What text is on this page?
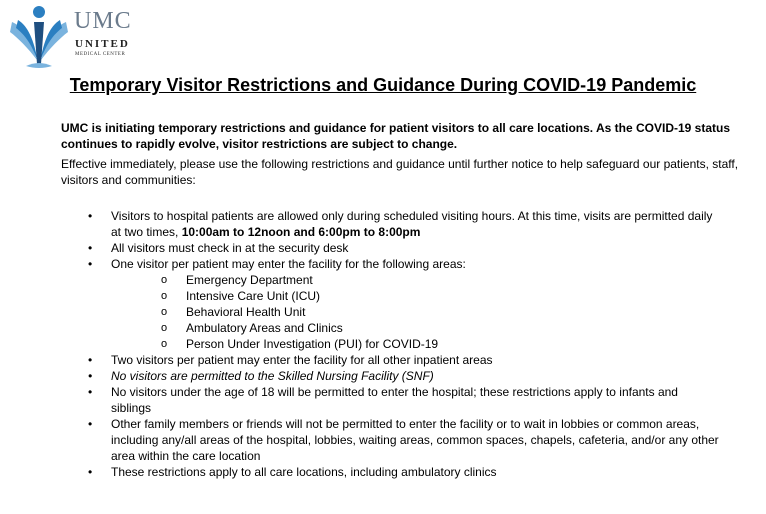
UMC
UNITED
MEDICAL CENTER
Temporary Visitor Restrictions and Guidance During COVID-19 Pandemic
UMC is initiating temporary restrictions and guidance for patient visitors to all care locations. As the COVID-19 status continues to rapidly evolve, visitor restrictions are subject to change.
Effective immediately, please use the following restrictions and guidance until further notice to help safeguard our patients, staff, visitors and communities:
• Visitors to hospital patients are allowed only during scheduled visiting hours. At this time, visits are permitted daily at two times, 10:00am to 12noon and 6:00pm to 8:00pm
• All visitors must check in at the security desk
• One visitor per patient may enter the facility for the following areas:
o Emergency Department
o Intensive Care Unit (ICU)
o Behavioral Health Unit
o Ambulatory Areas and Clinics
o Person Under Investigation (PUI) for COVID-19
• Two visitors per patient may enter the facility for all other inpatient areas
• No visitors are permitted to the Skilled Nursing Facility (SNF)
• No visitors under the age of 18 will be permitted to enter the hospital; these restrictions apply to infants and siblings
• Other family members or friends will not be permitted to enter the facility or to wait in lobbies or common areas, including any/all areas of the hospital, lobbies, waiting areas, common spaces, chapels, cafeteria, and/or any other area within the care location
• These restrictions apply to all care locations, including ambulatory clinics
